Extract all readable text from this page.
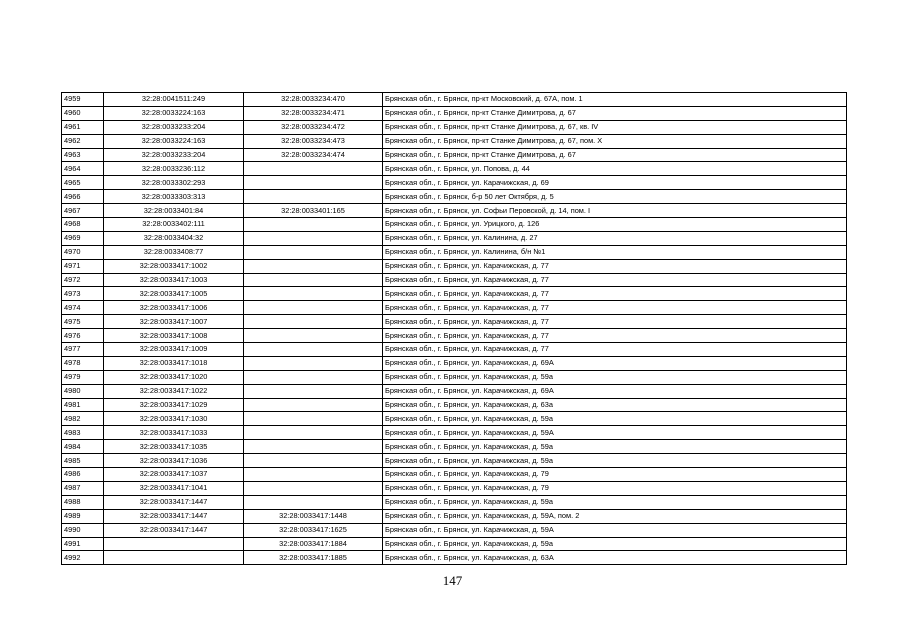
4959	32:28:0041511:249	32:28:0033234:470	Брянская обл., г. Брянск, пр-кт Московский, д. 67А, пом. 1
4960	32:28:0033224:163	32:28:0033234:471	Брянская обл., г. Брянск, пр-кт Станке Димитрова, д. 67
4961	32:28:0033233:204	32:28:0033234:472	Брянская обл., г. Брянск, пр-кт Станке Димитрова, д. 67, кв. IV
4962	32:28:0033224:163	32:28:0033234:473	Брянская обл., г. Брянск, пр-кт Станке Димитрова, д. 67, пом. X
4963	32:28:0033233:204	32:28:0033234:474	Брянская обл., г. Брянск, пр-кт Станке Димитрова, д. 67
4964	32:28:0033236:112		Брянская обл., г. Брянск, ул. Попова, д. 44
4965	32:28:0033302:293		Брянская обл., г. Брянск, ул. Карачижская, д. 69
4966	32:28:0033303:313		Брянская обл., г. Брянск, б-р 50 лет Октября, д. 5
4967	32:28:0033401:84	32:28:0033401:165	Брянская обл., г. Брянск, ул. Софьи Перовской, д. 14, пом. I
4968	32:28:0033402:111		Брянская обл., г. Брянск, ул. Урицкого, д. 126
4969	32:28:0033404:32		Брянская обл., г. Брянск, ул. Калинина, д. 27
4970	32:28:0033408:77		Брянская обл., г. Брянск, ул. Калинина, б/н №1
4971	32:28:0033417:1002		Брянская обл., г. Брянск, ул. Карачижская, д. 77
4972	32:28:0033417:1003		Брянская обл., г. Брянск, ул. Карачижская, д. 77
4973	32:28:0033417:1005		Брянская обл., г. Брянск, ул. Карачижская, д. 77
4974	32:28:0033417:1006		Брянская обл., г. Брянск, ул. Карачижская, д. 77
4975	32:28:0033417:1007		Брянская обл., г. Брянск, ул. Карачижская, д. 77
4976	32:28:0033417:1008		Брянская обл., г. Брянск, ул. Карачижская, д. 77
4977	32:28:0033417:1009		Брянская обл., г. Брянск, ул. Карачижская, д. 77
4978	32:28:0033417:1018		Брянская обл., г. Брянск, ул. Карачижская, д. 69А
4979	32:28:0033417:1020		Брянская обл., г. Брянск, ул. Карачижская, д. 59а
4980	32:28:0033417:1022		Брянская обл., г. Брянск, ул. Карачижская, д. 69А
4981	32:28:0033417:1029		Брянская обл., г. Брянск, ул. Карачижская, д. 63а
4982	32:28:0033417:1030		Брянская обл., г. Брянск, ул. Карачижская, д. 59а
4983	32:28:0033417:1033		Брянская обл., г. Брянск, ул. Карачижская, д. 59А
4984	32:28:0033417:1035		Брянская обл., г. Брянск, ул. Карачижская, д. 59а
4985	32:28:0033417:1036		Брянская обл., г. Брянск, ул. Карачижская, д. 59а
4986	32:28:0033417:1037		Брянская обл., г. Брянск, ул. Карачижская, д. 79
4987	32:28:0033417:1041		Брянская обл., г. Брянск, ул. Карачижская, д. 79
4988	32:28:0033417:1447		Брянская обл., г. Брянск, ул. Карачижская, д. 59а
4989	32:28:0033417:1447	32:28:0033417:1448	Брянская обл., г. Брянск, ул. Карачижская, д. 59А, пом. 2
4990	32:28:0033417:1447	32:28:0033417:1625	Брянская обл., г. Брянск, ул. Карачижская, д. 59А
4991		32:28:0033417:1884	Брянская обл., г. Брянск, ул. Карачижская, д. 59а
4992		32:28:0033417:1885	Брянская обл., г. Брянск, ул. Карачижская, д. 63А
147
